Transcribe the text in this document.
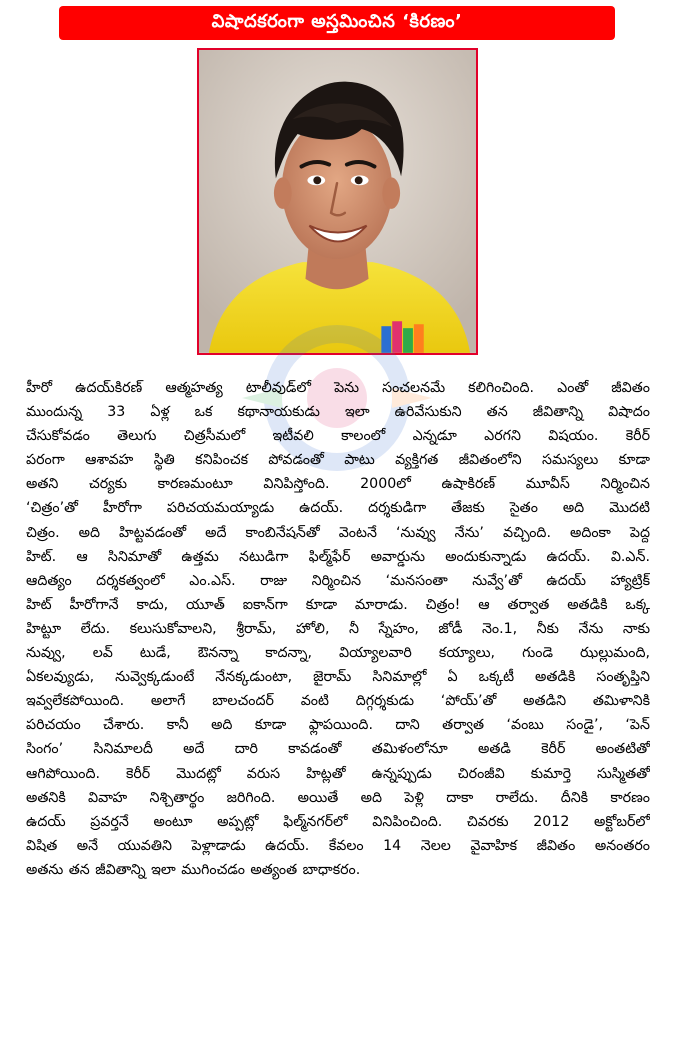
విషాదకరంగా అస్తమించిన ‘కిరణం’
హీరో ఉదయ్‌కిరణ్ ఆత్మహత్య టాలీవుడ్‌లో పెను సంచలనమే కలిగించింది. ఎంతో జీవితం
ముందున్న 33 ఏళ్ల ఒక కథానాయకుడు ఇలా ఉరివేసుకుని తన జీవితాన్ని విషాదం
చేసుకోవడం తెలుగు చిత్రసీమలో ఇటీవలి కాలంలో ఎన్నడూ ఎరగని విషయం. కెరీర్
పరంగా ఆశావహ స్థితి కనిపించక పోవడంతో పాటు వ్యక్తిగత జీవితంలోని సమస్యలు కూడా
అతని చర్యకు కారణమంటూ వినిపిస్తోంది. 2000లో ఉషాకిరణ్ మూవీస్ నిర్మించిన
‘చిత్రం’తో హీరోగా పరిచయమయ్యాడు ఉదయ్. దర్శకుడిగా తేజకు సైతం అది మొదటి
చిత్రం. అది హిట్టవడంతో అదే కాంబినేషన్‌తో వెంటనే ‘నువ్వు నేను’ వచ్చింది. అదింకా పెద్ద
హిట్. ఆ సినిమాతో ఉత్తమ నటుడిగా ఫిల్మ్‌ఫేర్ అవార్డును అందుకున్నాడు ఉదయ్. వి.ఎన్.
ఆదిత్యం దర్శకత్వంలో ఎం.ఎస్. రాజు నిర్మించిన ‘మనసంతా నువ్వే’తో ఉదయ్ హ్యాట్రిక్
హిట్ హీరోగానే కాదు, యూత్ ఐకాన్‌గా కూడా మారాడు. చిత్రం! ఆ తర్వాత అతడికి ఒక్క
హిట్టూ లేదు. కలుసుకోవాలని, శ్రీరామ్, హోలి, నీ స్నేహం, జోడీ నెం.1, నీకు నేను నాకు
నువ్వు, లవ్ టుడే, ఔనన్నా కాదన్నా, వియ్యాలవారి కయ్యాలు, గుండె ఝల్లుమంది,
ఏకలవ్యుడు, నువ్వెక్కడుంటే నేనక్కడుంటా, జైరామ్ సినిమాల్లో ఏ ఒక్కటీ అతడికి సంతృప్తిని
ఇవ్వలేకపోయింది. అలాగే బాలచందర్ వంటి దిగ్గర్శకుడు ‘పోయ్’తో అతడిని తమిళానికి
పరిచయం చేశారు. కానీ అది కూడా ఫ్లాపయింది. దాని తర్వాత ‘వంబు సండై’, ‘పెన్
సింగం’ సినిమాలదీ అదే దారి కావడంతో తమిళంలోనూ అతడి కెరీర్ అంతటితో
ఆగిపోయింది. కెరీర్ మొదట్లో వరుస హిట్లతో ఉన్నప్పుడు చిరంజీవి కుమార్తె సుస్మితతో
అతనికి వివాహ నిశ్చితార్థం జరిగింది. అయితే అది పెళ్లి దాకా రాలేదు. దీనికి కారణం
ఉదయ్ ప్రవర్తనే అంటూ అప్పట్లో ఫిల్మ్‌నగర్‌లో వినిపించింది. చివరకు 2012 అక్టోబర్‌లో
విషిత అనే యువతిని పెళ్లాడాడు ఉదయ్. కేవలం 14 నెలల వైవాహిక జీవితం అనంతరం
అతను తన జీవితాన్ని ఇలా ముగించడం అత్యంత బాధాకరం.
